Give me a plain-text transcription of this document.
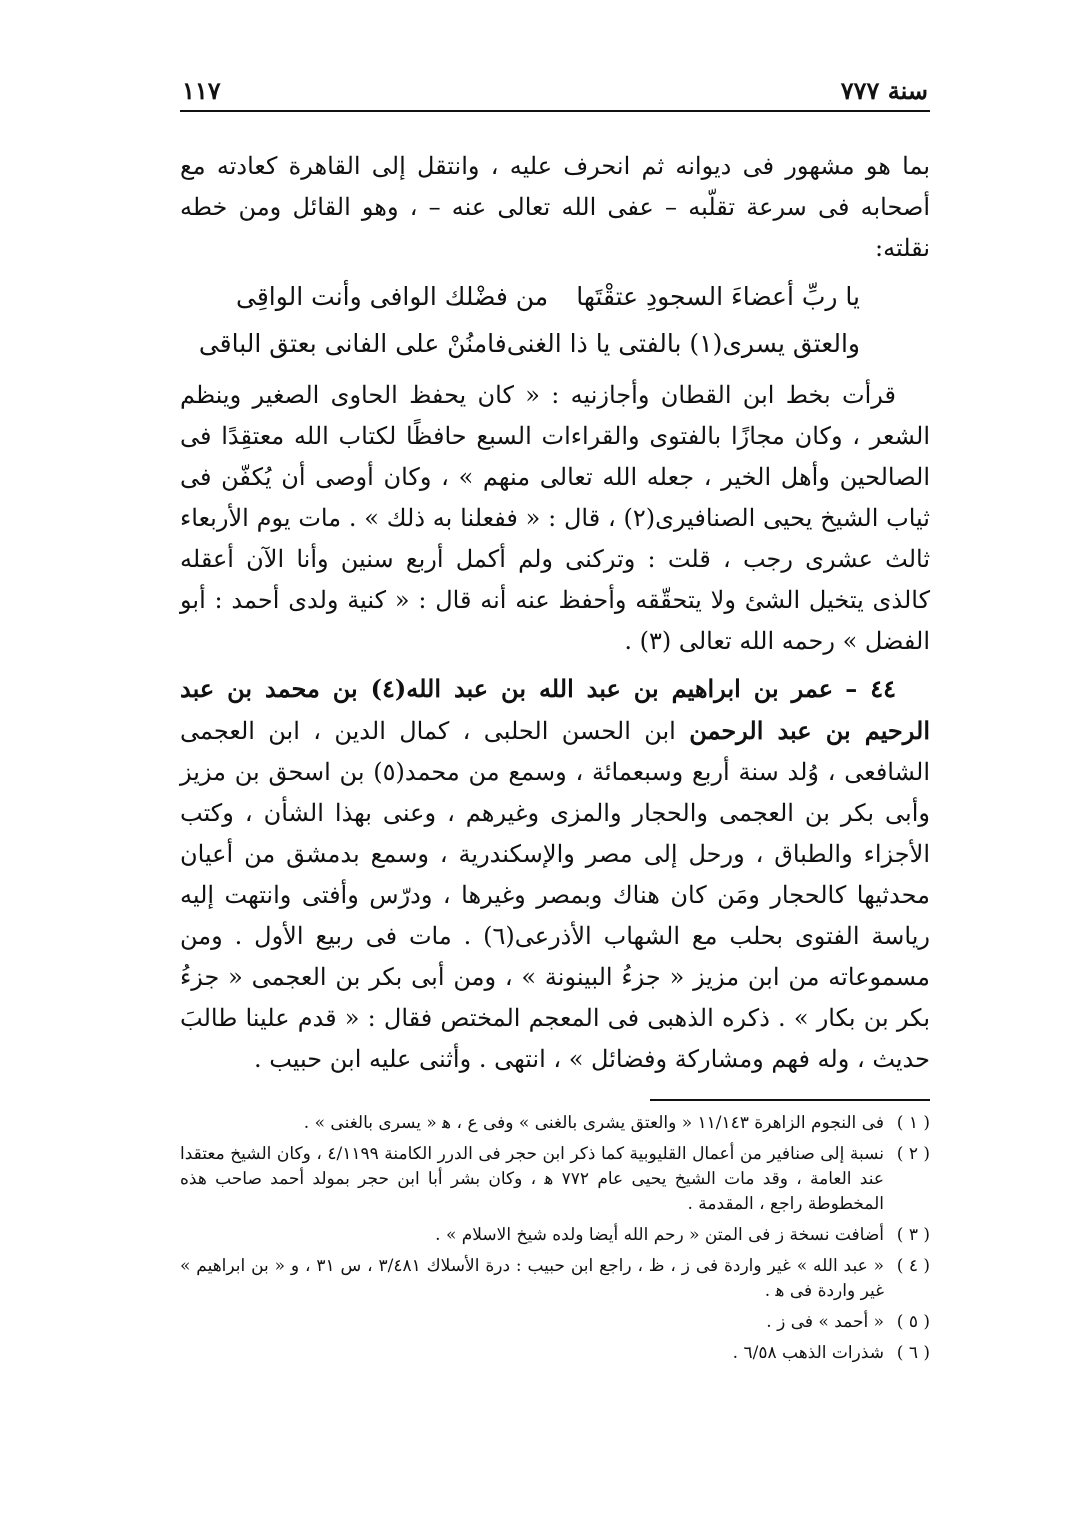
سنة ٧٧٧
١١٧

بما هو مشهور فى ديوانه ثم انحرف عليه ، وانتقل إلى القاهرة كعادته مع أصحابه فى سرعة تقلّبه – عفى الله تعالى عنه – ، وهو القائل ومن خطه نقلته:

يا ربِّ أعضاءَ السجودِ عتقْتَها
من فضْلك الوافى وأنت الواقِى
والعتق يسرى(١) بالفتى يا ذا الغنى
فامنُنْ على الفانى بعتق الباقى

قرأت بخط ابن القطان وأجازنيه : « كان يحفظ الحاوى الصغير وينظم الشعر ، وكان مجازًا بالفتوى والقراءات السبع حافظًا لكتاب الله معتقِدًا فى الصالحين وأهل الخير ، جعله الله تعالى منهم » ، وكان أوصى أن يُكفّن فى ثياب الشيخ يحيى الصنافيرى(٢) ، قال : « ففعلنا به ذلك » . مات يوم الأربعاء ثالث عشرى رجب ، قلت : وتركنى ولم أكمل أربع سنين وأنا الآن أعقله كالذى يتخيل الشئ ولا يتحقّقه وأحفظ عنه أنه قال : « كنية ولدى أحمد : أبو الفضل » رحمه الله تعالى (٣) .

٤٤ – عمر بن ابراهيم بن عبد الله بن عبد الله(٤) بن محمد بن عبد الرحيم بن عبد الرحمن ابن الحسن الحلبى ، كمال الدين ، ابن العجمى الشافعى ، وُلد سنة أربع وسبعمائة ، وسمع من محمد(٥) بن اسحق بن مزيز وأبى بكر بن العجمى والحجار والمزى وغيرهم ، وعنى بهذا الشأن ، وكتب الأجزاء والطباق ، ورحل إلى مصر والإسكندرية ، وسمع بدمشق من أعيان محدثيها كالحجار ومَن كان هناك وبمصر وغيرها ، ودرّس وأفتى وانتهت إليه رياسة الفتوى بحلب مع الشهاب الأذرعى(٦) . مات فى ربيع الأول . ومن مسموعاته من ابن مزيز « جزءُ البينونة » ، ومن أبى بكر بن العجمى « جزءُ بكر بن بكار » . ذكره الذهبى فى المعجم المختص فقال : « قدم علينا طالبَ حديث ، وله فهم ومشاركة وفضائل » ، انتهى . وأثنى عليه ابن حبيب .

( ١ )
فى النجوم الزاهرة ١١/١٤٣ « والعتق يشرى بالغنى » وفى ع ، ﻫ « يسرى بالغنى » .
( ٢ )
نسبة إلى صنافير من أعمال القليوبية كما ذكر ابن حجر فى الدرر الكامنة ٤/١١٩٩ ، وكان الشيخ معتقدا عند العامة ، وقد مات الشيخ يحيى عام ٧٧٢ ﻫ ، وكان بشر أبا ابن حجر بمولد أحمد صاحب هذه المخطوطة راجع ، المقدمة .
( ٣ )
أضافت نسخة ز فى المتن « رحم الله أيضا ولده شيخ الاسلام » .
( ٤ )
« عبد الله » غير واردة فى ز ، ظ ، راجع ابن حبيب : درة الأسلاك ٣/٤٨١ ، س ٣١ ، و « بن ابراهيم » غير واردة فى ﻫ .
( ٥ )
« أحمد » فى ز .
( ٦ )
شذرات الذهب ٦/٥٨ .
